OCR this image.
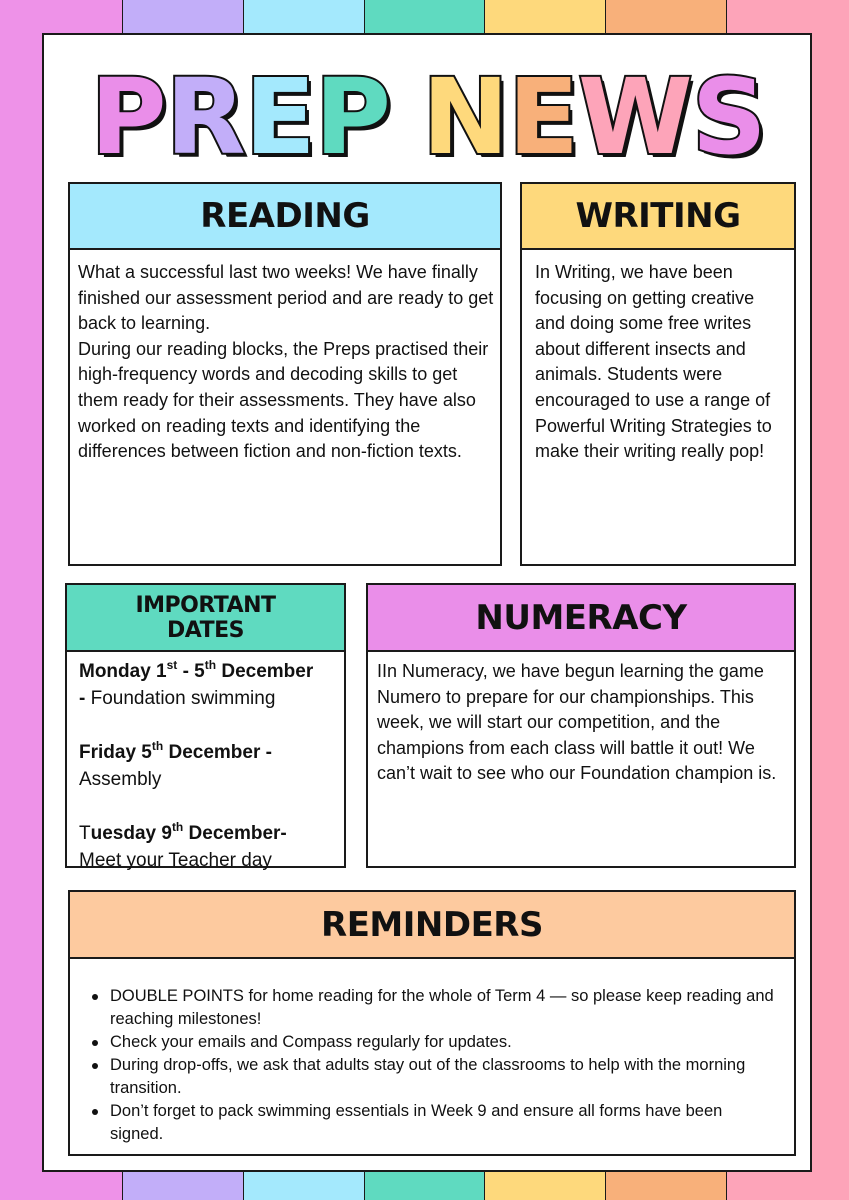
P R E P N E W S
READING

What a successful last two weeks! We have finally finished our assessment period and are ready to get back to learning.
During our reading blocks, the Preps practised their high-frequency words and decoding skills to get them ready for their assessments. They have also worked on reading texts and identifying the differences between fiction and non-fiction texts.

WRITING

In Writing, we have been focusing on getting creative and doing some free writes about different insects and animals. Students were encouraged to use a range of Powerful Writing Strategies to make their writing really pop!

IMPORTANT
DATES
Monday 1st - 5th December
- Foundation swimming
Friday 5th December -
Assembly
Tuesday 9th December-
Meet your Teacher day
NUMERACY

IIn Numeracy, we have begun learning the game Numero to prepare for our championships. This week, we will start our competition, and the champions from each class will battle it out! We can’t wait to see who our Foundation champion is.

REMINDERS
DOUBLE POINTS for home reading for the whole of Term 4 — so please keep reading and reaching milestones!
Check your emails and Compass regularly for updates.
During drop-offs, we ask that adults stay out of the classrooms to help with the morning transition.
Don’t forget to pack swimming essentials in Week 9 and ensure all forms have been signed.
